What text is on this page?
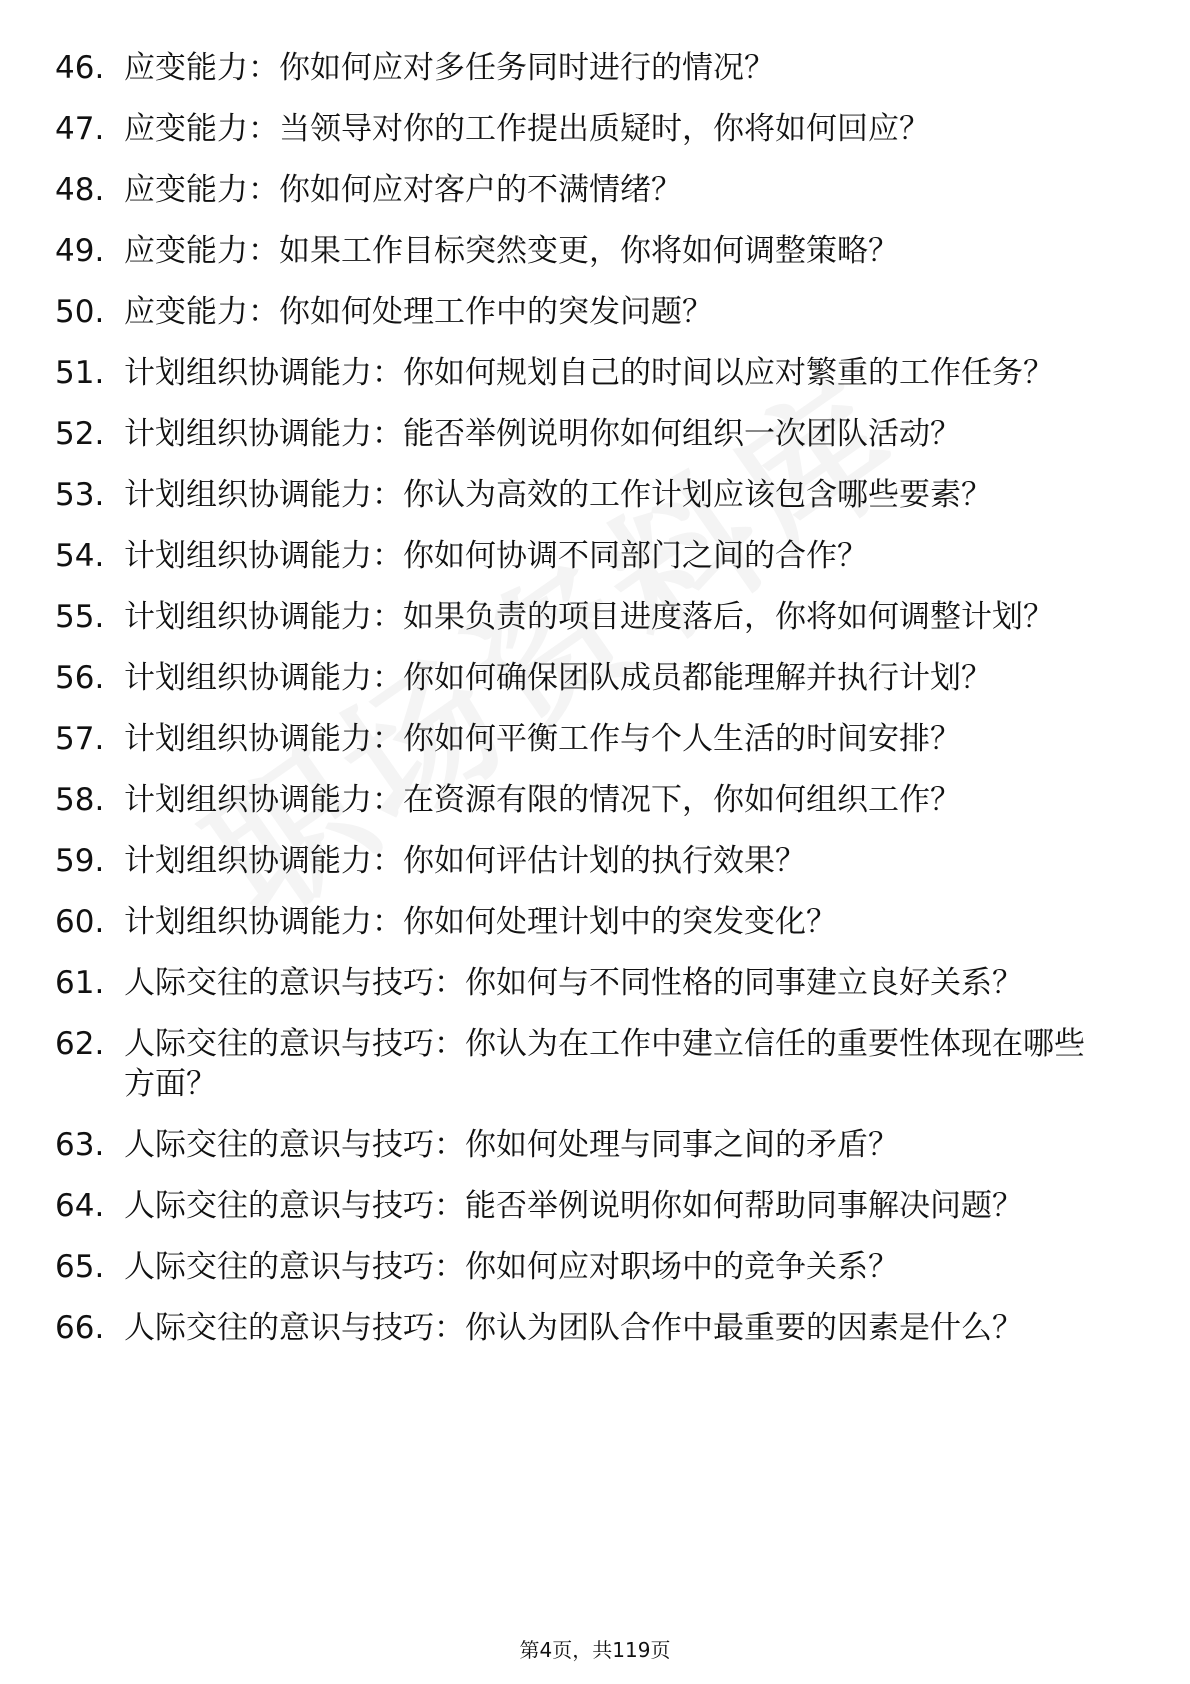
46. 应变能力：你如何应对多任务同时进行的情况？
47. 应变能力：当领导对你的工作提出质疑时，你将如何回应？
48. 应变能力：你如何应对客户的不满情绪？
49. 应变能力：如果工作目标突然变更，你将如何调整策略？
50. 应变能力：你如何处理工作中的突发问题？
51. 计划组织协调能力：你如何规划自己的时间以应对繁重的工作任务？
52. 计划组织协调能力：能否举例说明你如何组织一次团队活动？
53. 计划组织协调能力：你认为高效的工作计划应该包含哪些要素？
54. 计划组织协调能力：你如何协调不同部门之间的合作？
55. 计划组织协调能力：如果负责的项目进度落后，你将如何调整计划？
56. 计划组织协调能力：你如何确保团队成员都能理解并执行计划？
57. 计划组织协调能力：你如何平衡工作与个人生活的时间安排？
58. 计划组织协调能力：在资源有限的情况下，你如何组织工作？
59. 计划组织协调能力：你如何评估计划的执行效果？
60. 计划组织协调能力：你如何处理计划中的突发变化？
61. 人际交往的意识与技巧：你如何与不同性格的同事建立良好关系？
62. 人际交往的意识与技巧：你认为在工作中建立信任的重要性体现在哪些方面？
63. 人际交往的意识与技巧：你如何处理与同事之间的矛盾？
64. 人际交往的意识与技巧：能否举例说明你如何帮助同事解决问题？
65. 人际交往的意识与技巧：你如何应对职场中的竞争关系？
66. 人际交往的意识与技巧：你认为团队合作中最重要的因素是什么？
第4页，共119页
